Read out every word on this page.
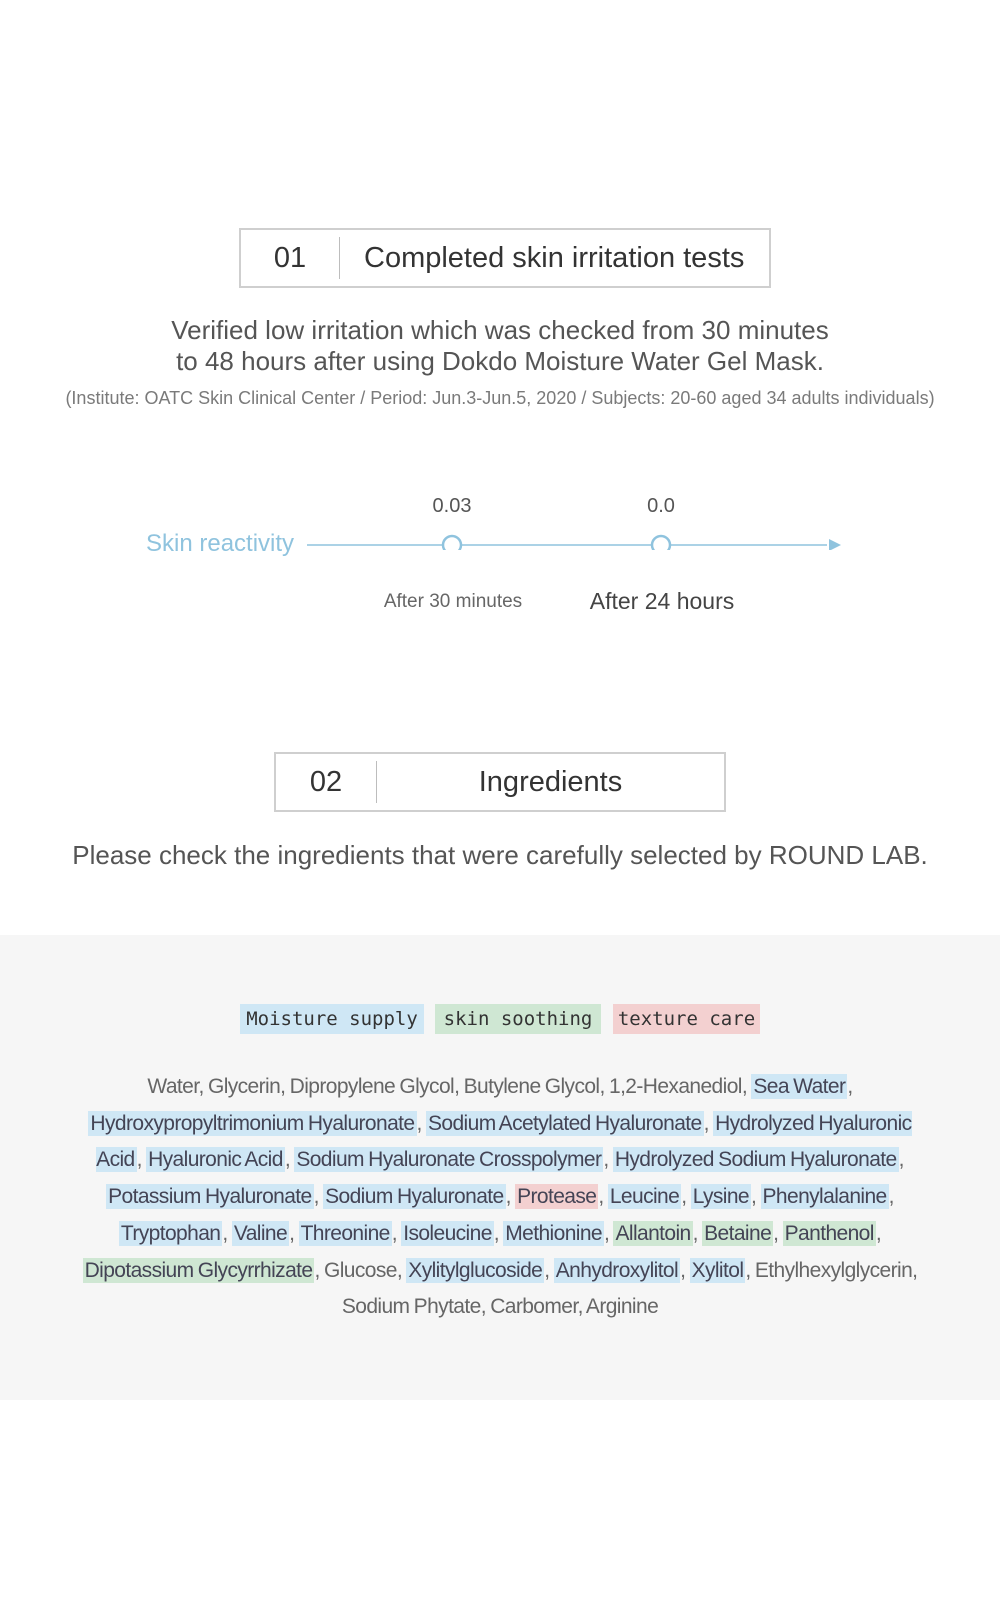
01	Completed skin irritation tests
Verified low irritation which was checked from 30 minutes
to 48 hours after using Dokdo Moisture Water Gel Mask.
(Institute: OATC Skin Clinical Center / Period: Jun.3-Jun.5, 2020 / Subjects: 20-60 aged 34 adults individuals)
Skin reactivity
0.03	0.0
After 30 minutes	After 24 hours
02	Ingredients
Please check the ingredients that were carefully selected by ROUND LAB.
Moisture supply	skin soothing	texture care
Water, Glycerin, Dipropylene Glycol, Butylene Glycol, 1,2-Hexanediol, Sea Water, Hydroxypropyltrimonium Hyaluronate, Sodium Acetylated Hyaluronate, Hydrolyzed Hyaluronic Acid, Hyaluronic Acid, Sodium Hyaluronate Crosspolymer, Hydrolyzed Sodium Hyaluronate, Potassium Hyaluronate, Sodium Hyaluronate, Protease, Leucine, Lysine, Phenylalanine, Tryptophan, Valine, Threonine, Isoleucine, Methionine, Allantoin, Betaine, Panthenol, Dipotassium Glycyrrhizate, Glucose, Xylitylglucoside, Anhydroxylitol, Xylitol, Ethylhexylglycerin, Sodium Phytate, Carbomer, Arginine
